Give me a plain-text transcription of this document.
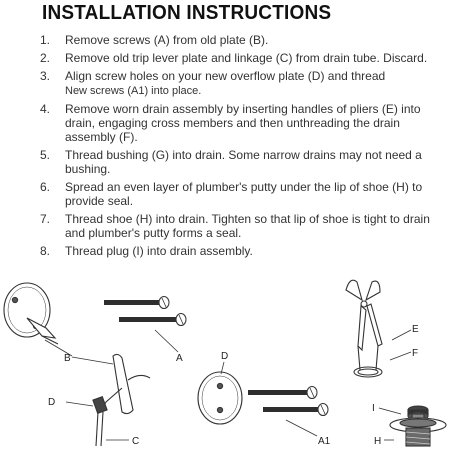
INSTALLATION INSTRUCTIONS
1.	Remove screws (A) from old plate (B).
2.	Remove old trip lever plate and linkage (C) from drain tube. Discard.
3.	Align screw holes on your new overflow plate (D) and thread
New screws (A1) into place.
4.	Remove worn drain assembly by inserting handles of pliers (E) into drain, engaging cross members and then unthreading the drain assembly (F).
5.	Thread bushing (G) into drain. Some narrow drains may not need a bushing.
6.	Spread an even layer of plumber's putty under the lip of shoe (H) to provide seal.
7.	Thread shoe (H) into drain. Tighten so that lip of shoe is tight to drain and plumber's putty forms a seal.
8.	Thread plug (I) into drain assembly.
B	A
D
C
D
A1
E
F
I
H
